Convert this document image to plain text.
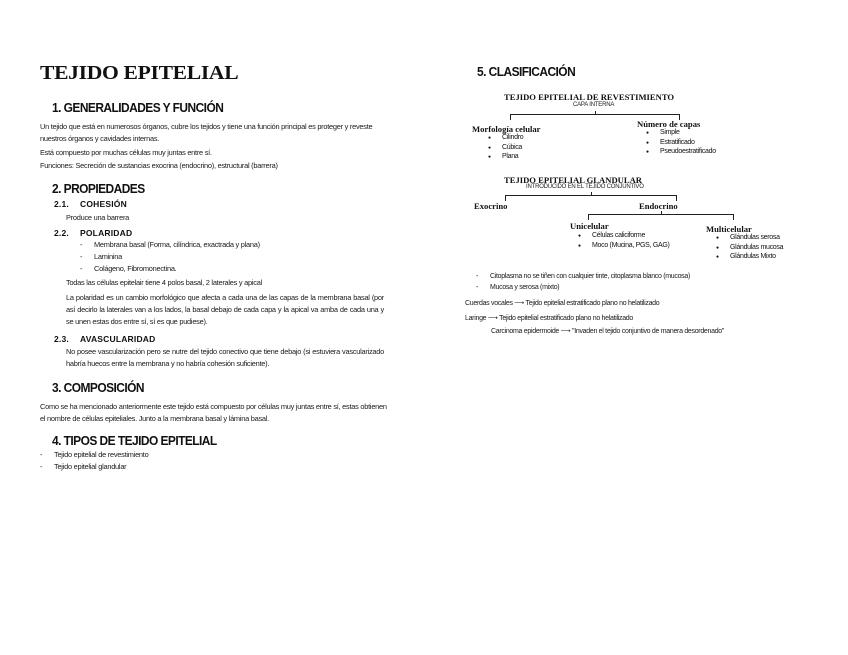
TEJIDO EPITELIAL
1. GENERALIDADES Y FUNCIÓN
Un tejido que está en numerosos órganos, cubre los tejidos y tiene una función principal es proteger y reveste nuestros órganos y cavidades internas.
Está compuesto por muchas células muy juntas entre sí.
Funciones: Secreción de sustancias exocrina (endocrino), estructural (barrera)
2. PROPIEDADES
2.1. COHESIÓN
Produce una barrera
2.2. POLARIDAD
- Membrana basal (Forma, cilíndrica, exactrada y plana)
- Laminina
- Colágeno, Fibromonectina.
Todas las células epitelair tiene 4 polos basal, 2 laterales y apical
La polaridad es un cambio morfológico que afecta a cada una de las capas de la membrana basal (por así decirlo la laterales van a los lados, la basal debajo de cada capa y la apical va amba de cada una y se unen estas dos entre sí, sí es que pudiese).
2.3. AVASCULARIDAD
No posee vascularización pero se nutre del tejido conectivo que tiene debajo (si estuviera vascularizado habría huecos entre la membrana y no habría cohesión suficiente).
3. COMPOSICIÓN
Como se ha mencionado anteriormente este tejido está compuesto por células muy juntas entre sí, estas obtienen el nombre de células epiteliales. Junto a la membrana basal y lámina basal.
4. TIPOS DE TEJIDO EPITELIAL
- Tejido epitelial de revestimiento
- Tejido epitelial glandular
5. CLASIFICACIÓN
TEJIDO EPITELIAL DE REVESTIMIENTO
CAPA INTERNA
Morfología celular
● Cilindro
● Cúbica
● Plana
Número de capas
● Simple
● Estratificado
● Pseudoestratificado
TEJIDO EPITELIAL GLANDULAR
INTRODUCIDO EN EL TEJIDO CONJUNTIVO
Exocrino	Endocrino
Unicelular
● Células caliciforme
● Moco (Mucina, PGS, GAG)
Multicelular
● Glándulas serosa
● Glándulas mucosa
● Glándulas Mixto
- Citoplasma no se tiñen con cualquier tinte, citoplasma blanco (mucosa)
- Mucosa y serosa (mixto)
Cuerdas vocales ⟶ Tejido epitelial estratificado plano no helatilizado
Laringe ⟶ Tejido epitelial estratificado plano no helatilizado
Carcinoma epidermoide ⟶ "Invaden el tejido conjuntivo de manera desordenado"
